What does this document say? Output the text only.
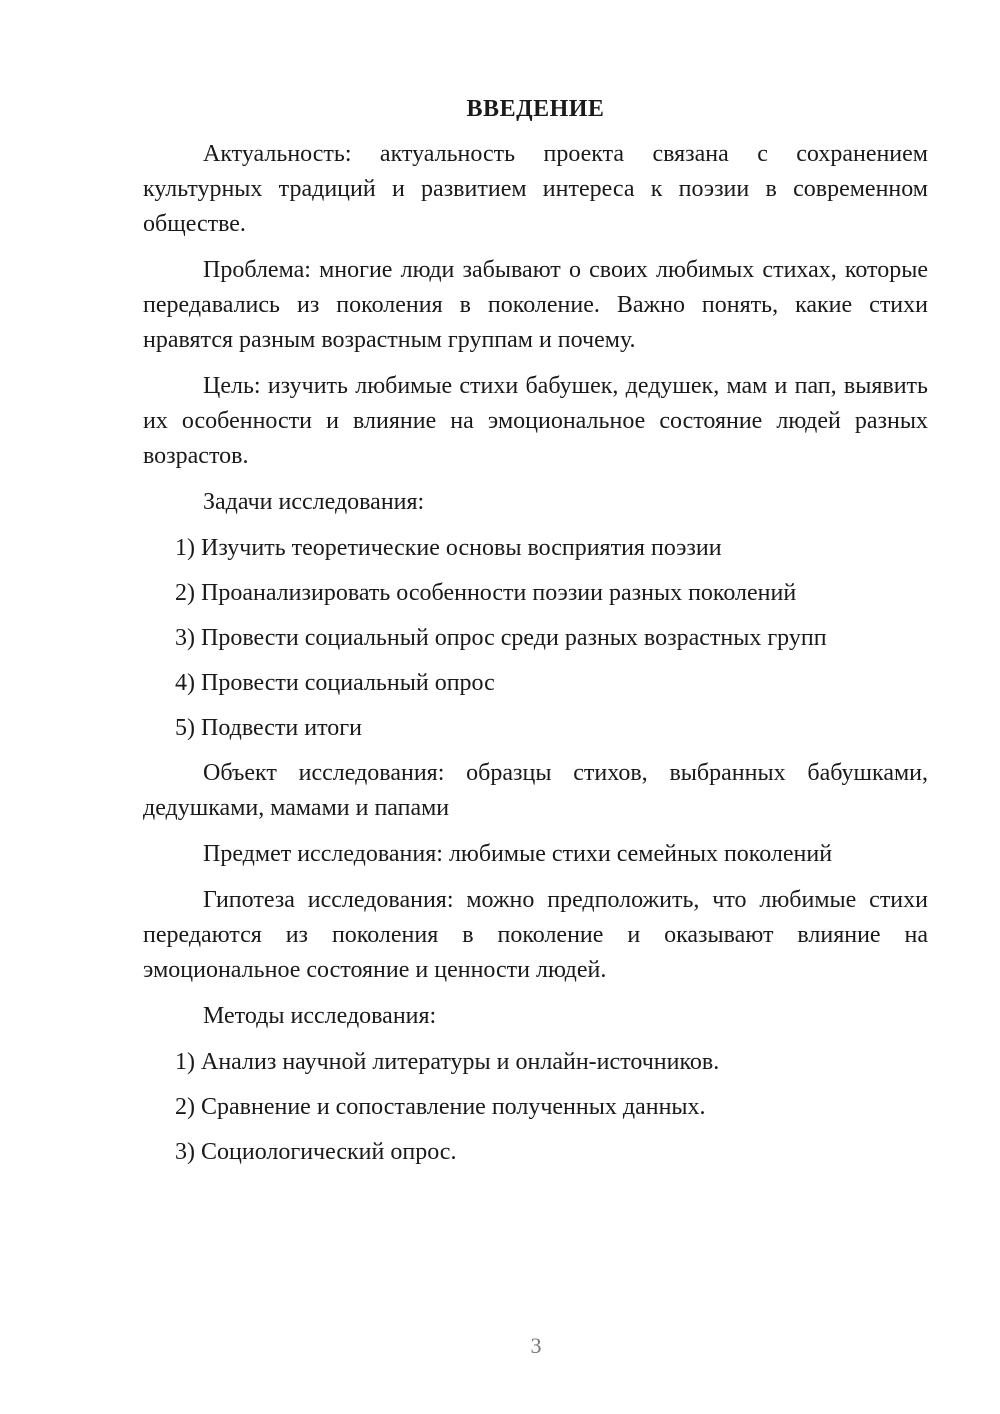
ВВЕДЕНИЕ

Актуальность: актуальность проекта связана с сохранением культурных традиций и развитием интереса к поэзии в современном обществе.

Проблема: многие люди забывают о своих любимых стихах, которые передавались из поколения в поколение. Важно понять, какие стихи нравятся разным возрастным группам и почему.

Цель: изучить любимые стихи бабушек, дедушек, мам и пап, выявить их особенности и влияние на эмоциональное состояние людей разных возрастов.

Задачи исследования:

1) Изучить теоретические основы восприятия поэзии
2) Проанализировать особенности поэзии разных поколений
3) Провести социальный опрос среди разных возрастных групп
4) Провести социальный опрос
5) Подвести итоги

Объект исследования: образцы стихов, выбранных бабушками, дедушками, мамами и папами

Предмет исследования: любимые стихи семейных поколений

Гипотеза исследования: можно предположить, что любимые стихи передаются из поколения в поколение и оказывают влияние на эмоциональное состояние и ценности людей.

Методы исследования:

1) Анализ научной литературы и онлайн-источников.
2) Сравнение и сопоставление полученных данных.
3) Социологический опрос.
3
